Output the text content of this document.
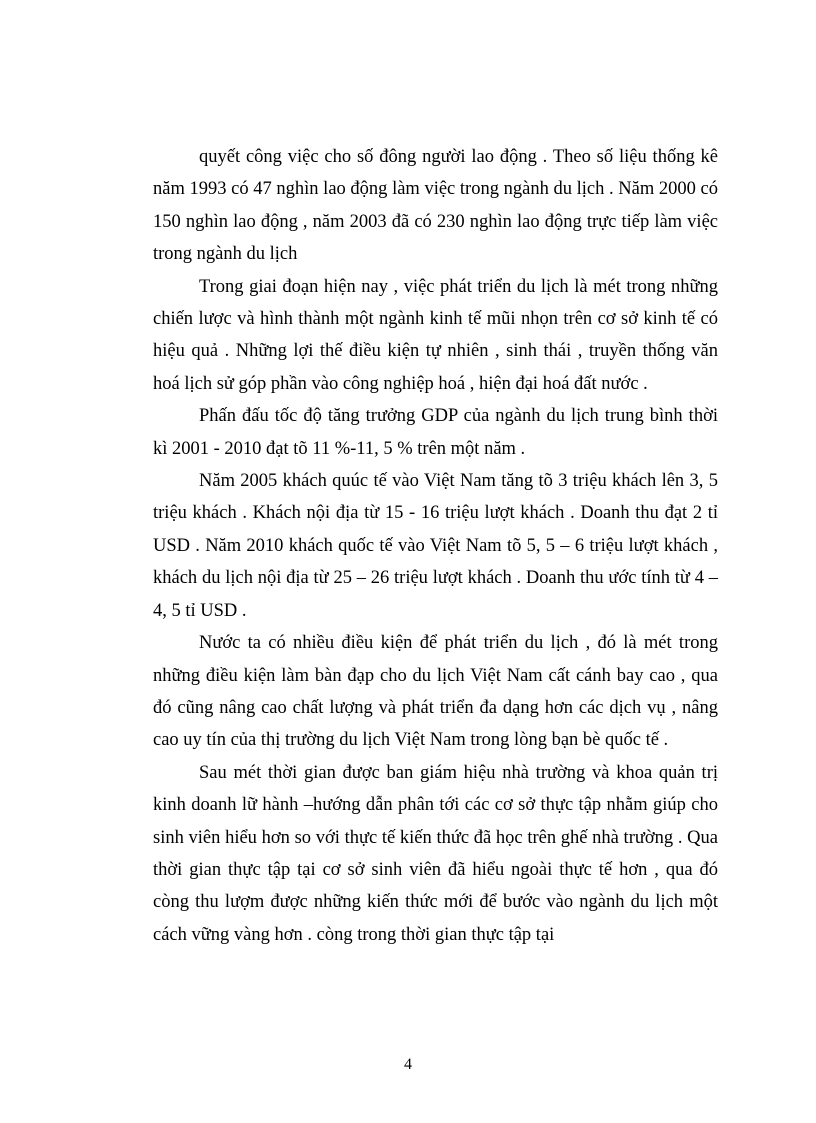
quyết công việc cho số đông người lao động . Theo số liệu thống kê năm 1993 có 47 nghìn lao động làm việc trong ngành du lịch . Năm 2000 có 150 nghìn lao động , năm 2003 đã có 230 nghìn lao động trực tiếp làm việc trong ngành du lịch

Trong giai đoạn hiện nay , việc phát triển du lịch là mét trong những chiến lược và hình thành một ngành kinh tế mũi nhọn trên cơ sở kinh tế có hiệu quả . Những lợi thế điều kiện tự nhiên , sinh thái , truyền thống văn hoá lịch sử góp phần vào công nghiệp hoá , hiện đại hoá đất nước .

Phấn đấu tốc độ tăng trưởng GDP của ngành du lịch trung bình thời kì 2001 - 2010 đạt tõ 11 %-11, 5 % trên một năm .

Năm 2005 khách quúc tế vào Việt Nam tăng tõ 3 triệu khách lên 3, 5 triệu khách . Khách nội địa từ 15 - 16 triệu lượt khách . Doanh thu đạt 2 tỉ USD . Năm 2010 khách quốc tế vào Việt Nam tõ 5, 5 – 6 triệu lượt khách , khách du lịch nội địa từ 25 – 26 triệu lượt khách . Doanh thu ước tính từ 4 – 4, 5 tỉ USD .

Nước ta có nhiều điều kiện để phát triển du lịch , đó là mét trong những điều kiện làm bàn đạp cho du lịch Việt Nam cất cánh bay cao , qua đó cũng nâng cao chất lượng và phát triển đa dạng hơn các dịch vụ , nâng cao uy tín của thị trường du lịch Việt Nam trong lòng bạn bè quốc tế .

Sau mét thời gian được ban giám hiệu nhà trường và khoa quản trị kinh doanh lữ hành –hướng dẫn phân tới các cơ sở thực tập nhằm giúp cho sinh viên hiểu hơn so với thực tế kiến thức đã học trên ghế nhà trường . Qua thời gian thực tập tại cơ sở sinh viên đã hiểu ngoài thực tế hơn , qua đó còng thu lượm được những kiến thức mới để bước vào ngành du lịch một cách vững vàng hơn . còng trong thời gian thực tập tại

4
